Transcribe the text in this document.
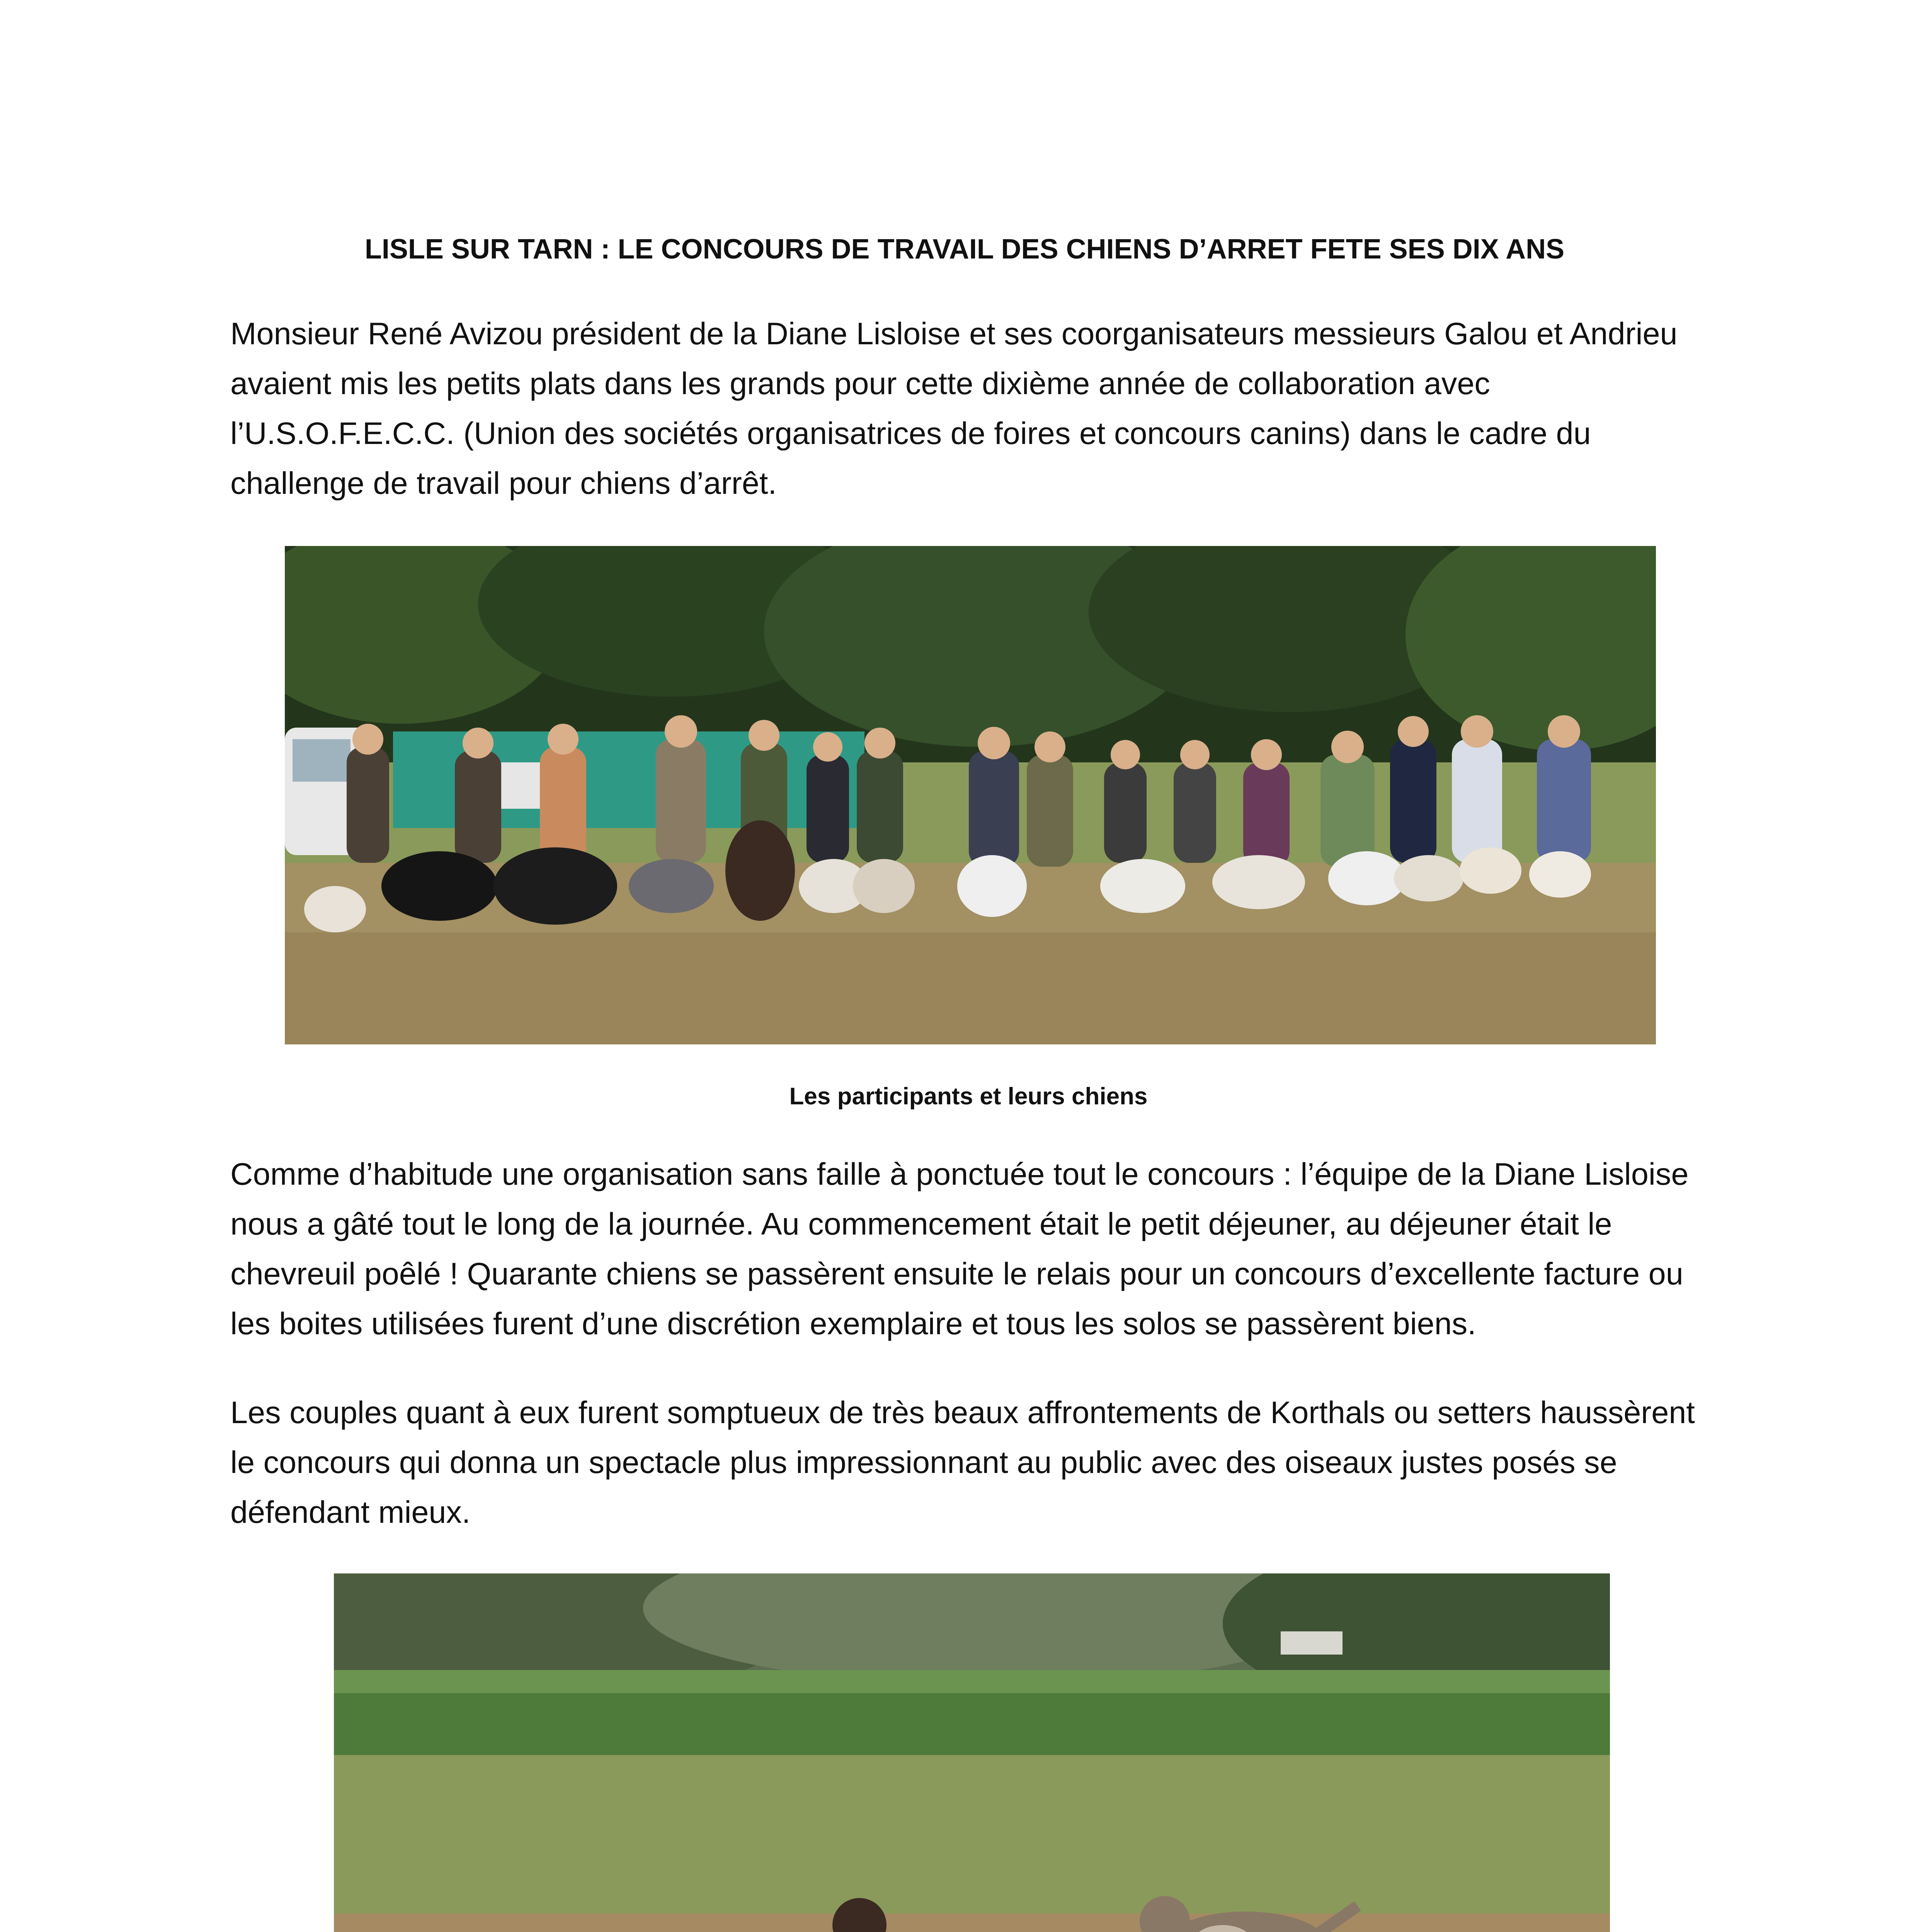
LISLE SUR TARN : LE CONCOURS DE TRAVAIL DES CHIENS D’ARRET FETE SES DIX ANS

Monsieur René Avizou président de la Diane Lisloise et ses coorganisateurs messieurs Galou et Andrieu avaient mis les petits plats dans les grands pour cette dixième année de collaboration avec l’U.S.O.F.E.C.C. (Union des sociétés organisatrices de foires et concours canins) dans le cadre du challenge de travail pour chiens d’arrêt.

Les participants et leurs chiens

Comme d’habitude une organisation sans faille à ponctuée tout le concours : l’équipe de la Diane Lisloise nous a gâté tout le long de la journée. Au commencement était le petit déjeuner, au déjeuner était le chevreuil poêlé ! Quarante chiens se passèrent ensuite le relais pour un concours d’excellente facture ou les boites utilisées furent d’une discrétion exemplaire et tous les solos se passèrent biens.

Les couples quant à eux furent somptueux de très beaux affrontements de Korthals ou setters haussèrent le concours qui donna un spectacle plus impressionnant au public avec des oiseaux justes posés se défendant mieux.
